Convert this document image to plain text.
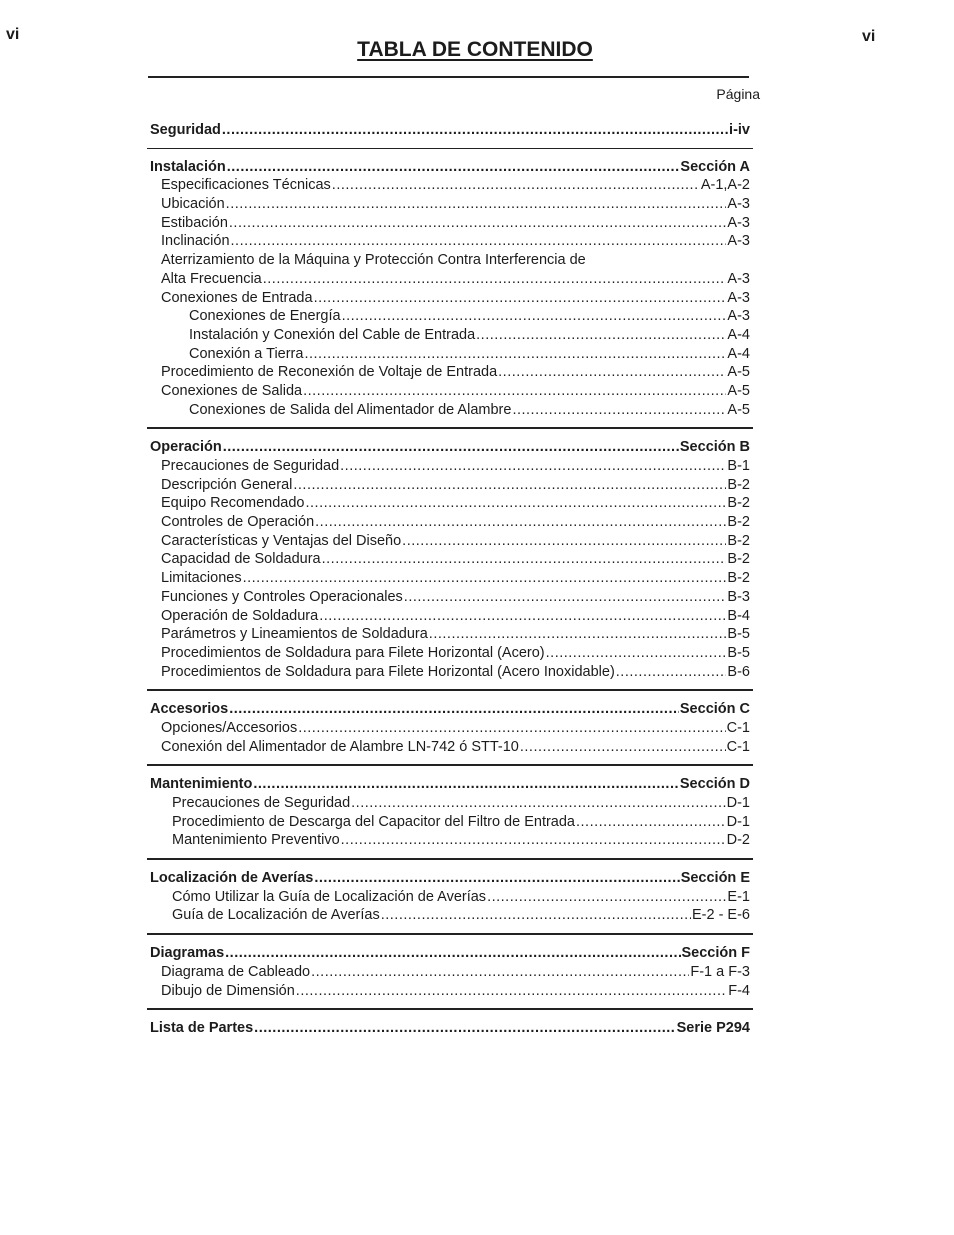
vi	vi
TABLA DE CONTENIDO
Página
Seguridad .....	i-iv
Instalación .....	Sección A
Especificaciones Técnicas .....	A-1,A-2
Ubicación .....	A-3
Estibación .....	A-3
Inclinación .....	A-3
Aterrizamiento de la Máquina y Protección Contra Interferencia de
Alta Frecuencia .....	A-3
Conexiones de Entrada .....	A-3
Conexiones de Energía .....	A-3
Instalación y Conexión del Cable de Entrada .....	A-4
Conexión a Tierra .....	A-4
Procedimiento de Reconexión de Voltaje de Entrada .....	A-5
Conexiones de Salida .....	A-5
Conexiones de Salida del Alimentador de Alambre .....	A-5
Operación .....	Sección B
Precauciones de Seguridad .....	B-1
Descripción General .....	B-2
Equipo Recomendado .....	B-2
Controles de Operación .....	B-2
Características y Ventajas del Diseño .....	B-2
Capacidad de Soldadura .....	B-2
Limitaciones .....	B-2
Funciones y Controles Operacionales .....	B-3
Operación de Soldadura .....	B-4
Parámetros y Lineamientos de Soldadura .....	B-5
Procedimientos de Soldadura para Filete Horizontal (Acero) .....	B-5
Procedimientos de Soldadura para Filete Horizontal (Acero Inoxidable) .....	B-6
Accesorios .....	Sección C
Opciones/Accesorios .....	C-1
Conexión del Alimentador de Alambre LN-742 ó STT-10 .....	C-1
Mantenimiento .....	Sección D
Precauciones de Seguridad .....	D-1
Procedimiento de Descarga del Capacitor del Filtro de Entrada .....	D-1
Mantenimiento Preventivo .....	D-2
Localización de Averías .....	Sección E
Cómo Utilizar la Guía de Localización de Averías .....	E-1
Guía de Localización de Averías .....	E-2 - E-6
Diagramas .....	Sección F
Diagrama de Cableado .....	F-1 a F-3
Dibujo de Dimensión .....	F-4
Lista de Partes .....	Serie P294
